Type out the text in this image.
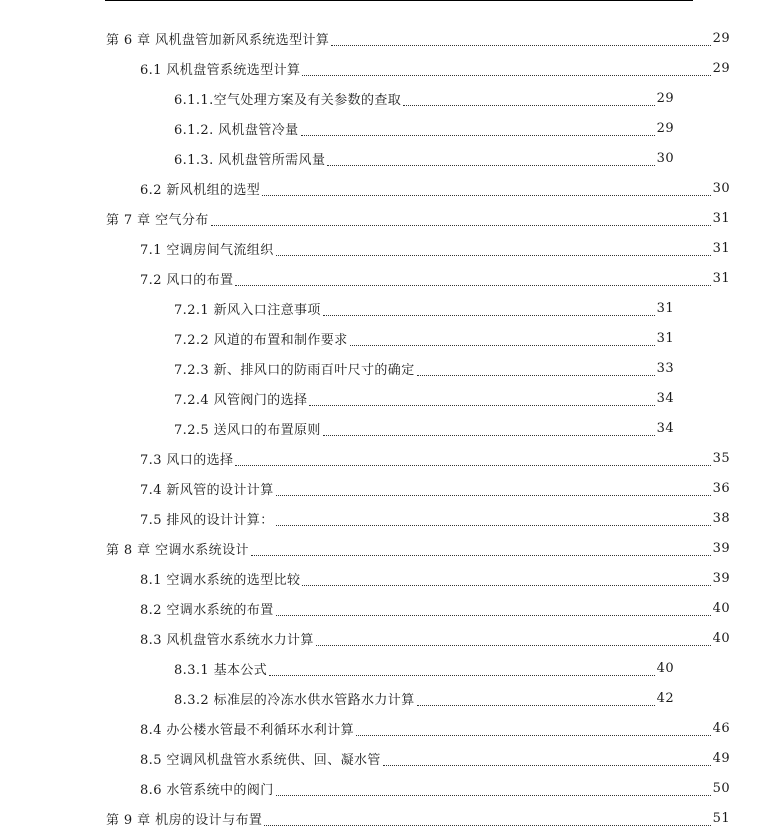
第 6 章 风机盘管加新风系统选型计算	29
6.1 风机盘管系统选型计算	29
6.1.1.空气处理方案及有关参数的查取	29
6.1.2. 风机盘管冷量	29
6.1.3. 风机盘管所需风量	30
6.2 新风机组的选型	30
第 7 章 空气分布	31
7.1 空调房间气流组织	31
7.2 风口的布置	31
7.2.1 新风入口注意事项	31
7.2.2 风道的布置和制作要求	31
7.2.3 新、排风口的防雨百叶尺寸的确定	33
7.2.4 风管阀门的选择	34
7.2.5 送风口的布置原则	34
7.3 风口的选择	35
7.4 新风管的设计计算	36
7.5 排风的设计计算：	38
第 8 章 空调水系统设计	39
8.1 空调水系统的选型比较	39
8.2 空调水系统的布置	40
8.3 风机盘管水系统水力计算	40
8.3.1 基本公式	40
8.3.2 标准层的冷冻水供水管路水力计算	42
8.4 办公楼水管最不利循环水利计算	46
8.5 空调风机盘管水系统供、回、凝水管	49
8.6 水管系统中的阀门	50
第 9 章 机房的设计与布置	51
